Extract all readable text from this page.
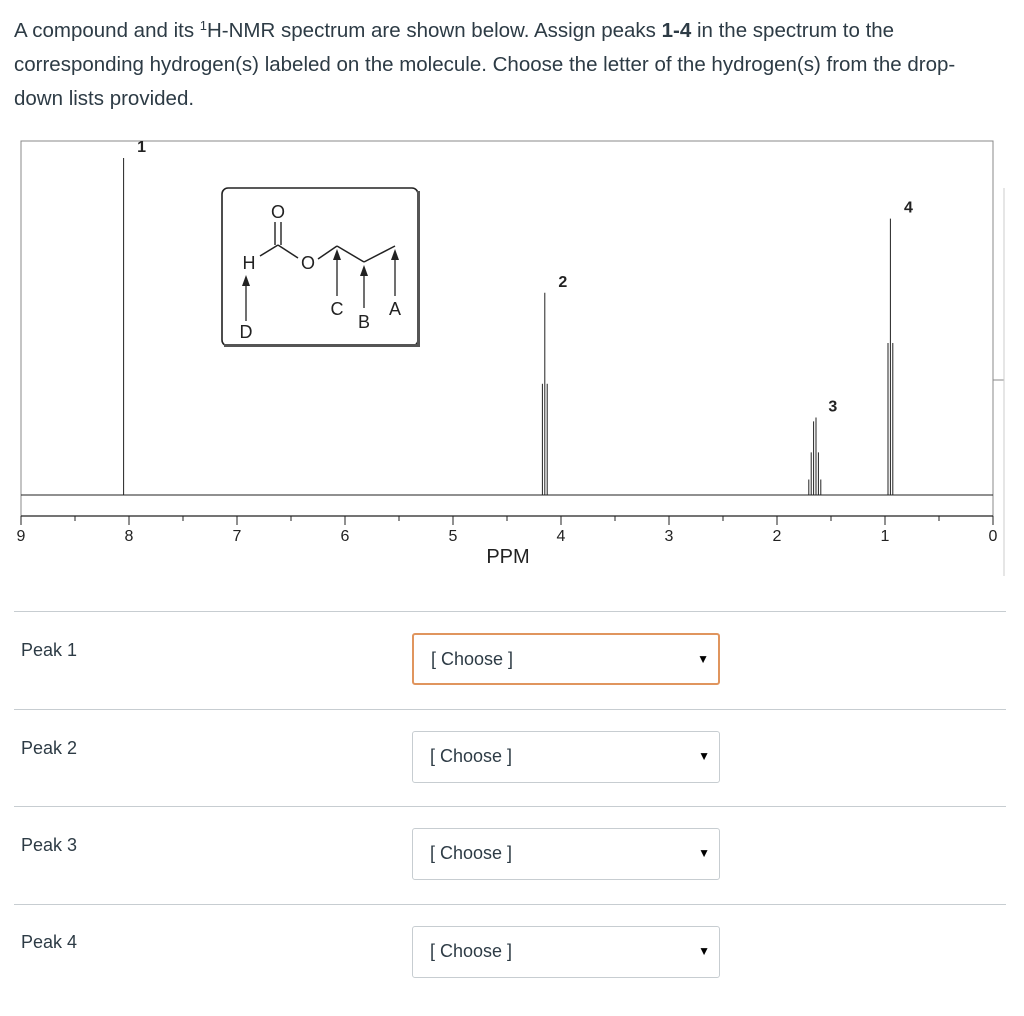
A compound and its $^1$H-NMR spectrum are shown below. Assign peaks 1-4 in the spectrum to the corresponding hydrogen(s) labeled on the molecule. Choose the letter of the hydrogen(s) from the drop-down lists provided.
9	8	7	6	5	4	3	2	1	0
1
2
3
4
PPM
O
O
H
A
B
C
D
Peak 1	[ Choose ]	▼
Peak 2	[ Choose ]	▼
Peak 3	[ Choose ]	▼
Peak 4	[ Choose ]	▼
